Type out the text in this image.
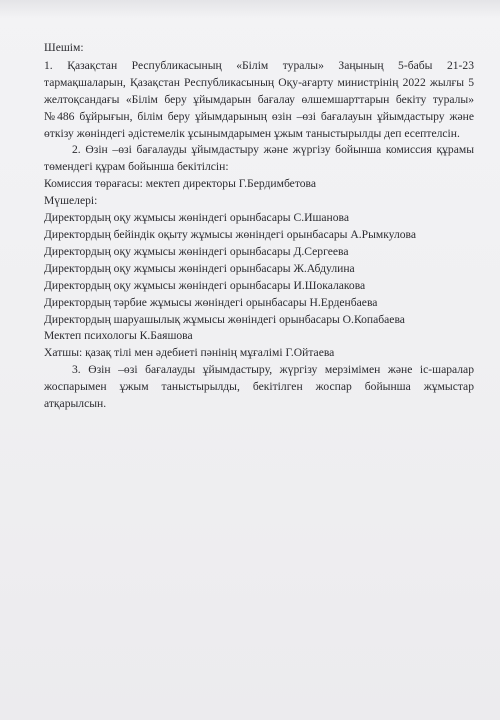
Шешім:

1. Қазақстан Республикасының «Білім туралы» Заңының 5-бабы 21-23 тармақшаларын, Қазақстан Республикасының Оқу-ағарту министрінің 2022 жылғы 5 желтоқсандағы «Білім беру ұйымдарын бағалау өлшемшарттарын бекіту туралы» №486 бұйрығын, білім беру ұйымдарының өзін –өзі бағалауын ұйымдастыру және өткізу жөніндегі әдістемелік ұсынымдарымен ұжым таныстырылды деп есептелсін.

2. Өзін –өзі бағалауды ұйымдастыру және жүргізу бойынша комиссия құрамы төмендегі құрам бойынша бекітілсін:

Комиссия төрағасы: мектеп директоры Г.Бердимбетова

Мүшелері:

Директордың оқу жұмысы жөніндегі орынбасары С.Ишанова

Директордың бейіндік оқыту жұмысы жөніндегі орынбасары А.Рымкулова

Директордың оқу жұмысы жөніндегі орынбасары Д.Сергеева

Директордың оқу жұмысы жөніндегі орынбасары Ж.Абдулина

Директордың оқу жұмысы жөніндегі орынбасары И.Шокалакова

Директордың тәрбие жұмысы жөніндегі орынбасары Н.Ерденбаева

Директордың шаруашылық жұмысы жөніндегі орынбасары О.Копабаева

Мектеп психологы К.Баяшова

Хатшы: қазақ тілі мен әдебиеті пәнінің мұғалімі Г.Ойтаева

3. Өзін –өзі бағалауды ұйымдастыру, жүргізу мерзімімен және іс-шаралар жоспарымен ұжым таныстырылды, бекітілген жоспар бойынша жұмыстар атқарылсын.
